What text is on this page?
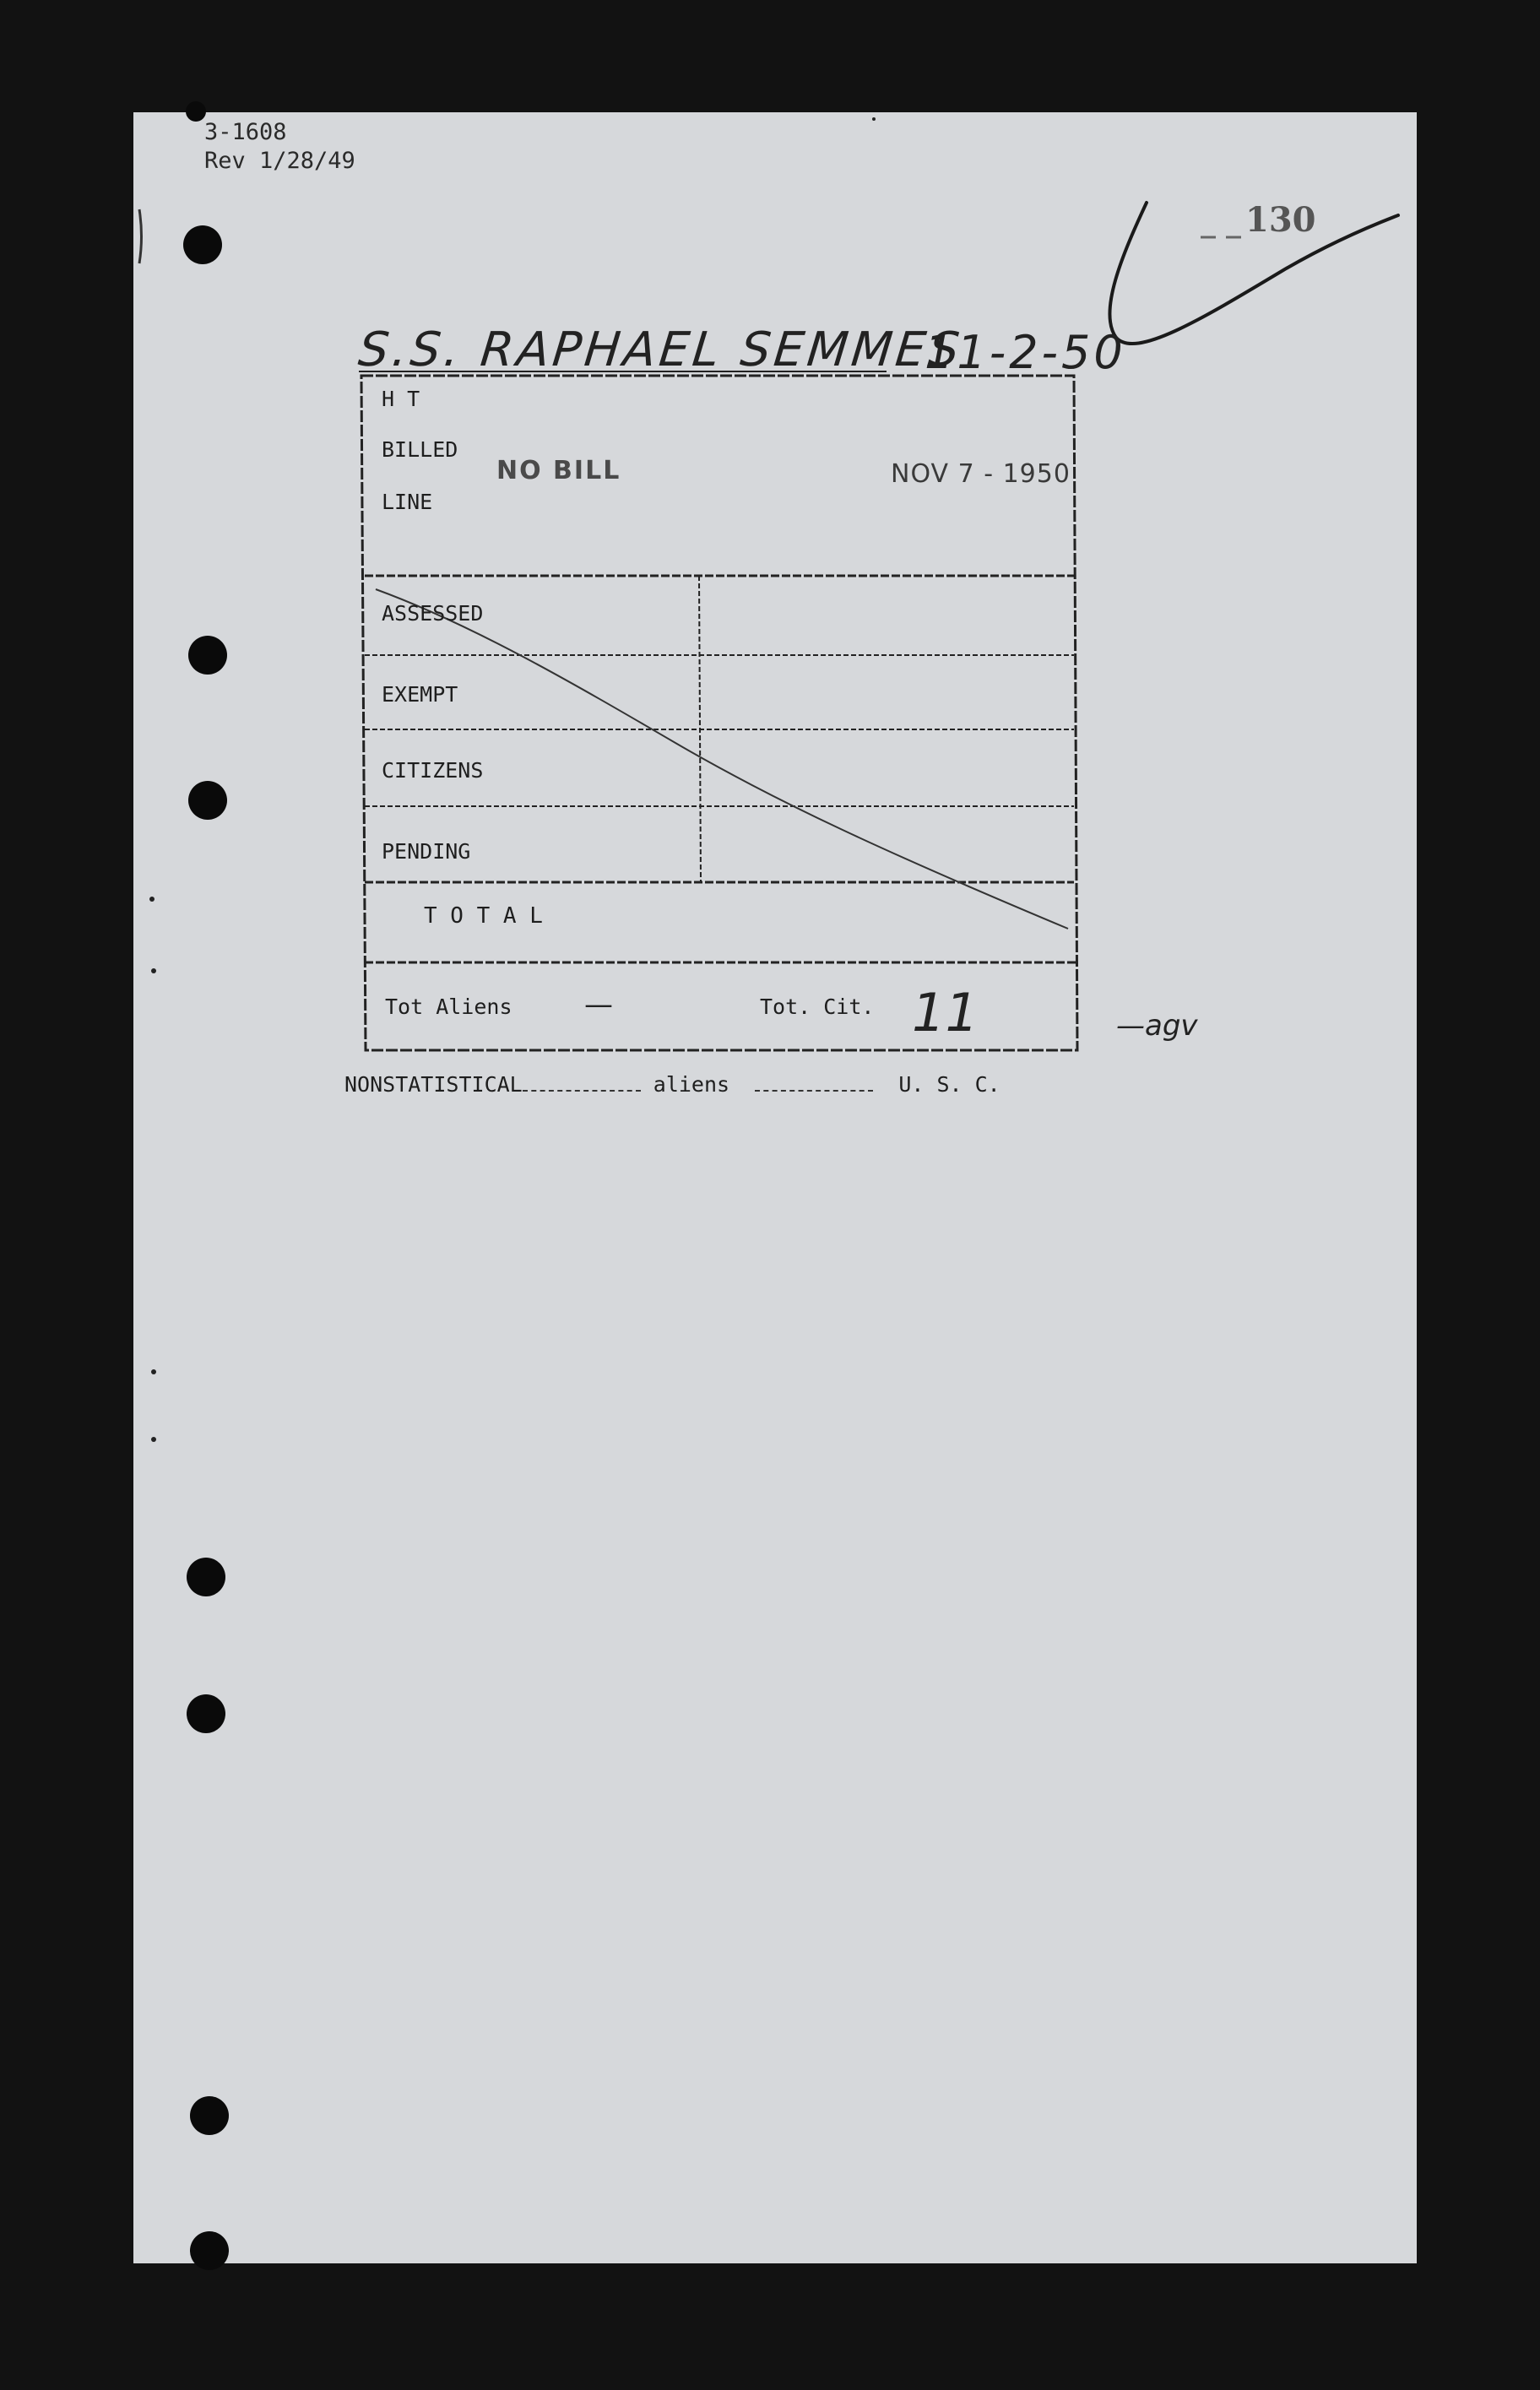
3-1608
Rev 1/28/49
130
S.S. RAPHAEL SEMMES
11-2-50
H T
BILLED
LINE
NO BILL	NOV 7 - 1950
ASSESSED
EXEMPT
CITIZENS
PENDING
T O T A L
Tot Aliens	—	Tot. Cit. 11	—agv
NONSTATISTICAL	aliens	U. S. C.
